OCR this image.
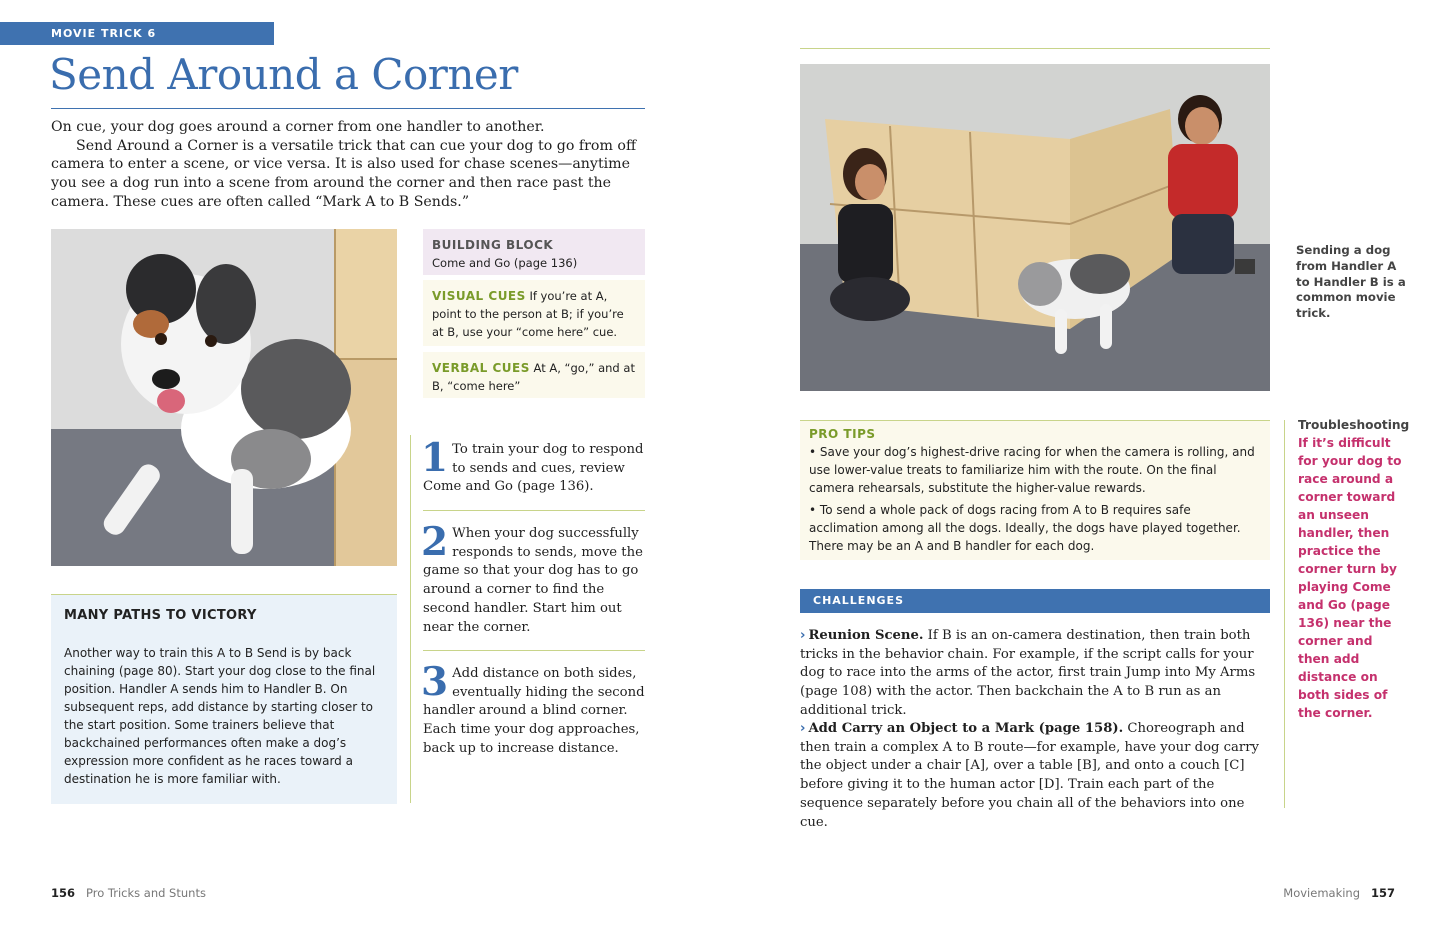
MOVIE TRICK 6
Send Around a Corner

On cue, your dog goes around a corner from one handler to another.

Send Around a Corner is a versatile trick that can cue your dog to go from off camera to enter a scene, or vice versa. It is also used for chase scenes—anytime you see a dog run into a scene from around the corner and then race past the camera. These cues are often called “Mark A to B Sends.”

BUILDING BLOCK
Come and Go (page 136)
VISUAL CUES If you’re at A, point to the person at B; if you’re at B, use your “come here” cue.
VERBAL CUES At A, “go,” and at B, “come here”
1 To train your dog to respond to sends and cues, review Come and Go (page 136).
2 When your dog successfully responds to sends, move the game so that your dog has to go around a corner to find the second handler. Start him out near the corner.
3 Add distance on both sides, eventually hiding the second handler around a blind corner. Each time your dog approaches, back up to increase distance.
MANY PATHS TO VICTORY
Another way to train this A to B Send is by back chaining (page 80). Start your dog close to the final position. Handler A sends him to Handler B. On subsequent reps, add distance by starting closer to the start position. Some trainers believe that backchained performances often make a dog’s expression more confident as he races toward a destination he is more familiar with.
Sending a dog from Handler A to Handler B is a common movie trick.
PRO TIPS

• Save your dog’s highest-drive racing for when the camera is rolling, and use lower-value treats to familiarize him with the route. On the final camera rehearsals, substitute the higher-value rewards.

• To send a whole pack of dogs racing from A to B requires safe acclimation among all the dogs. Ideally, the dogs have played together. There may be an A and B handler for each dog.

CHALLENGES
› Reunion Scene. If B is an on-camera destination, then train both tricks in the behavior chain. For example, if the script calls for your dog to race into the arms of the actor, first train Jump into My Arms (page 108) with the actor. Then backchain the A to B run as an additional trick.
› Add Carry an Object to a Mark (page 158). Choreograph and then train a complex A to B route—for example, have your dog carry the object under a chair [A], over a table [B], and onto a couch [C] before giving it to the human actor [D]. Train each part of the sequence separately before you chain all of the behaviors into one cue.
Troubleshooting
If it’s difficult for your dog to race around a corner toward an unseen handler, then practice the corner turn by playing Come and Go (page 136) near the corner and then add distance on both sides of the corner.
156 Pro Tricks and Stunts	Moviemaking 157
